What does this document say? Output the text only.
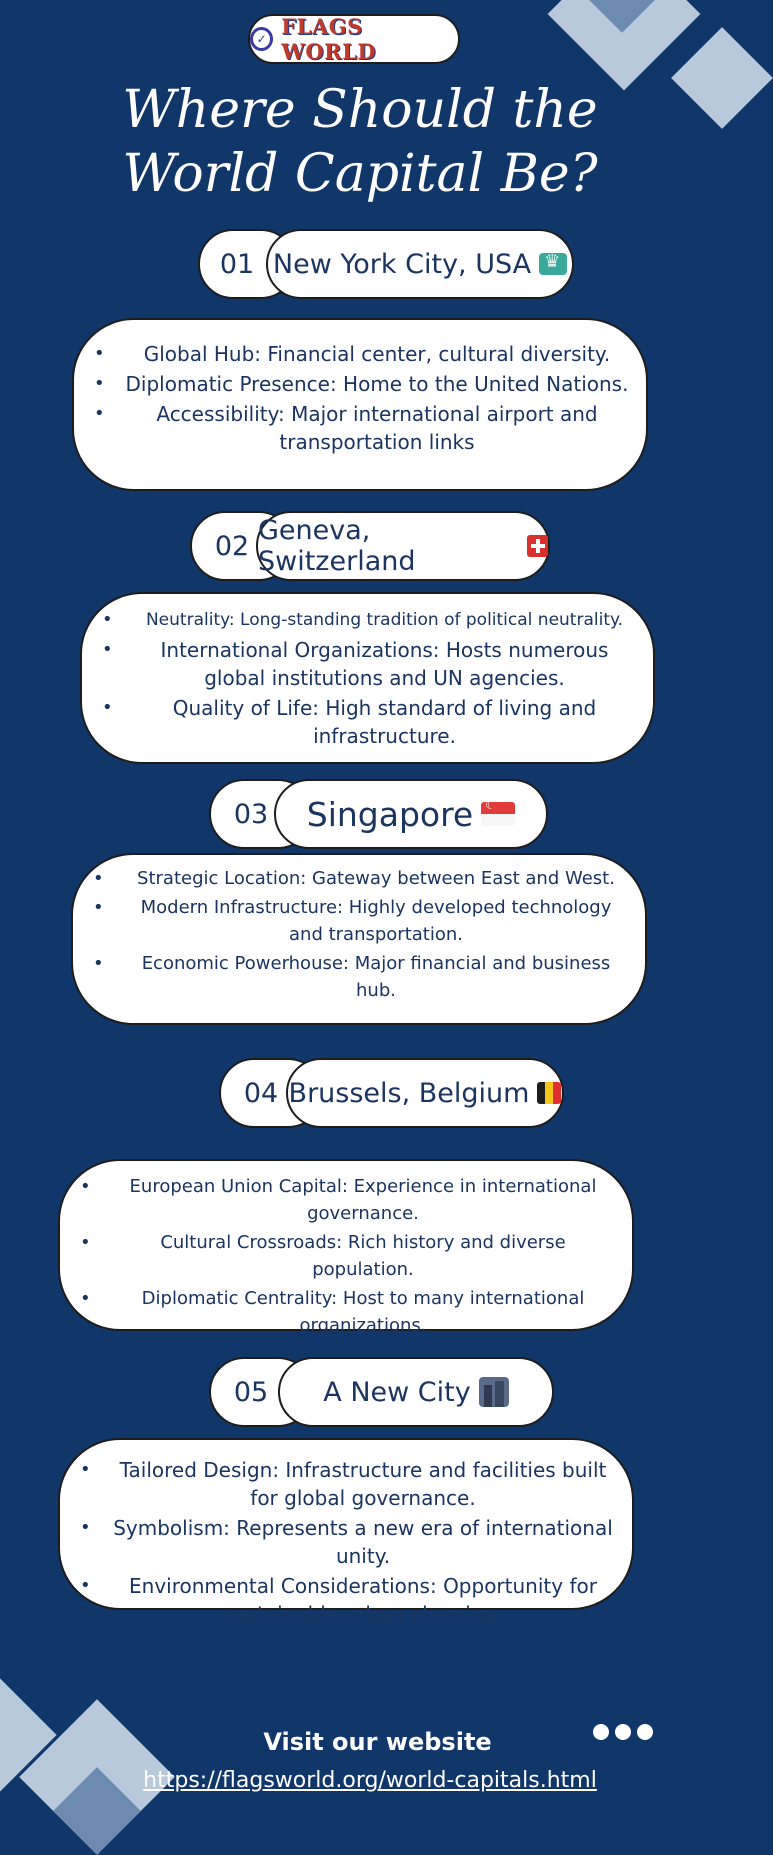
✓ FLAGS WORLD
Where Should the
World Capital Be?
01 New York City, USA
♛
• Global Hub: Financial center, cultural diversity.
• Diplomatic Presence: Home to the United Nations.
• Accessibility: Major international airport and transportation links
02 Geneva, Switzerland
• Neutrality: Long-standing tradition of political neutrality.
• International Organizations: Hosts numerous global institutions and UN agencies.
• Quality of Life: High standard of living and infrastructure.
03 Singapore
☾
• Strategic Location: Gateway between East and West.
• Modern Infrastructure: Highly developed technology and transportation.
• Economic Powerhouse: Major financial and business hub.
04 Brussels, Belgium
• European Union Capital: Experience in international governance.
• Cultural Crossroads: Rich history and diverse population.
• Diplomatic Centrality: Host to many international organizations.
05 A New City
• Tailored Design: Infrastructure and facilities built for global governance.
• Symbolism: Represents a new era of international unity.
• Environmental Considerations: Opportunity for sustainable urban planning.
Visit our website
https://flagsworld.org/world-capitals.html
